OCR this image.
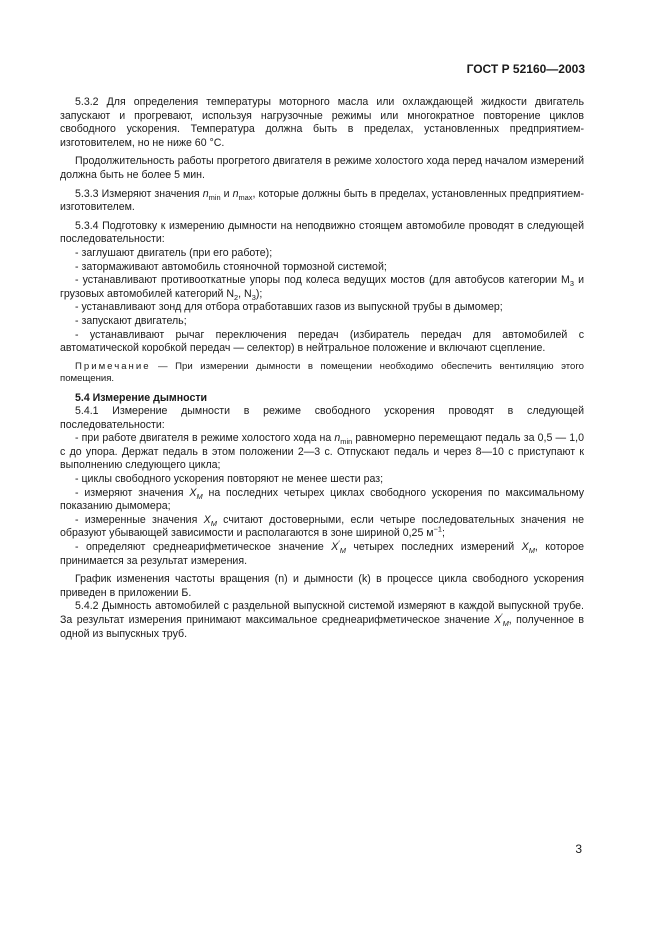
ГОСТ Р 52160—2003

5.3.2 Для определения температуры моторного масла или охлаждающей жидкости двигатель запускают и прогревают, используя нагрузочные режимы или многократное повторение циклов свободного ускорения. Температура должна быть в пределах, установленных предприятием-изготовителем, но не ниже 60 °С.

Продолжительность работы прогретого двигателя в режиме холостого хода перед началом измерений должна быть не более 5 мин.

5.3.3 Измеряют значения $n_{min}$ и $n_{max}$, которые должны быть в пределах, установленных предприятием-изготовителем.

5.3.4 Подготовку к измерению дымности на неподвижно стоящем автомобиле проводят в следующей последовательности:

- заглушают двигатель (при его работе);

- затормаживают автомобиль стояночной тормозной системой;

- устанавливают противооткатные упоры под колеса ведущих мостов (для автобусов категории $М_3$ и грузовых автомобилей категорий $N_2$, $N_3$);

- устанавливают зонд для отбора отработавших газов из выпускной трубы в дымомер;

- запускают двигатель;

- устанавливают рычаг переключения передач (избиратель передач для автомобилей с автоматической коробкой передач — селектор) в нейтральное положение и включают сцепление.

Примечание — При измерении дымности в помещении необходимо обеспечить вентиляцию этого помещения.

5.4 Измерение дымности

5.4.1 Измерение дымности в режиме свободного ускорения проводят в следующей последовательности:

- при работе двигателя в режиме холостого хода на $n_{min}$ равномерно перемещают педаль за 0,5 — 1,0 с до упора. Держат педаль в этом положении 2—3 с. Отпускают педаль и через 8—10 с приступают к выполнению следующего цикла;

- циклы свободного ускорения повторяют не менее шести раз;

- измеряют значения $X_M$ на последних четырех циклах свободного ускорения по максимальному показанию дымомера;

- измеренные значения $X_M$ считают достоверными, если четыре последовательных значения не образуют убывающей зависимости и располагаются в зоне шириной 0,25 $м^{-1}$;

- определяют среднеарифметическое значение $X'_M$ четырех последних измерений $X_M$, которое принимается за результат измерения.

График изменения частоты вращения (n) и дымности (k) в процессе цикла свободного ускорения приведен в приложении Б.

5.4.2 Дымность автомобилей с раздельной выпускной системой измеряют в каждой выпускной трубе. За результат измерения принимают максимальное среднеарифметическое значение $X'_M$, полученное в одной из выпускных труб.

3
